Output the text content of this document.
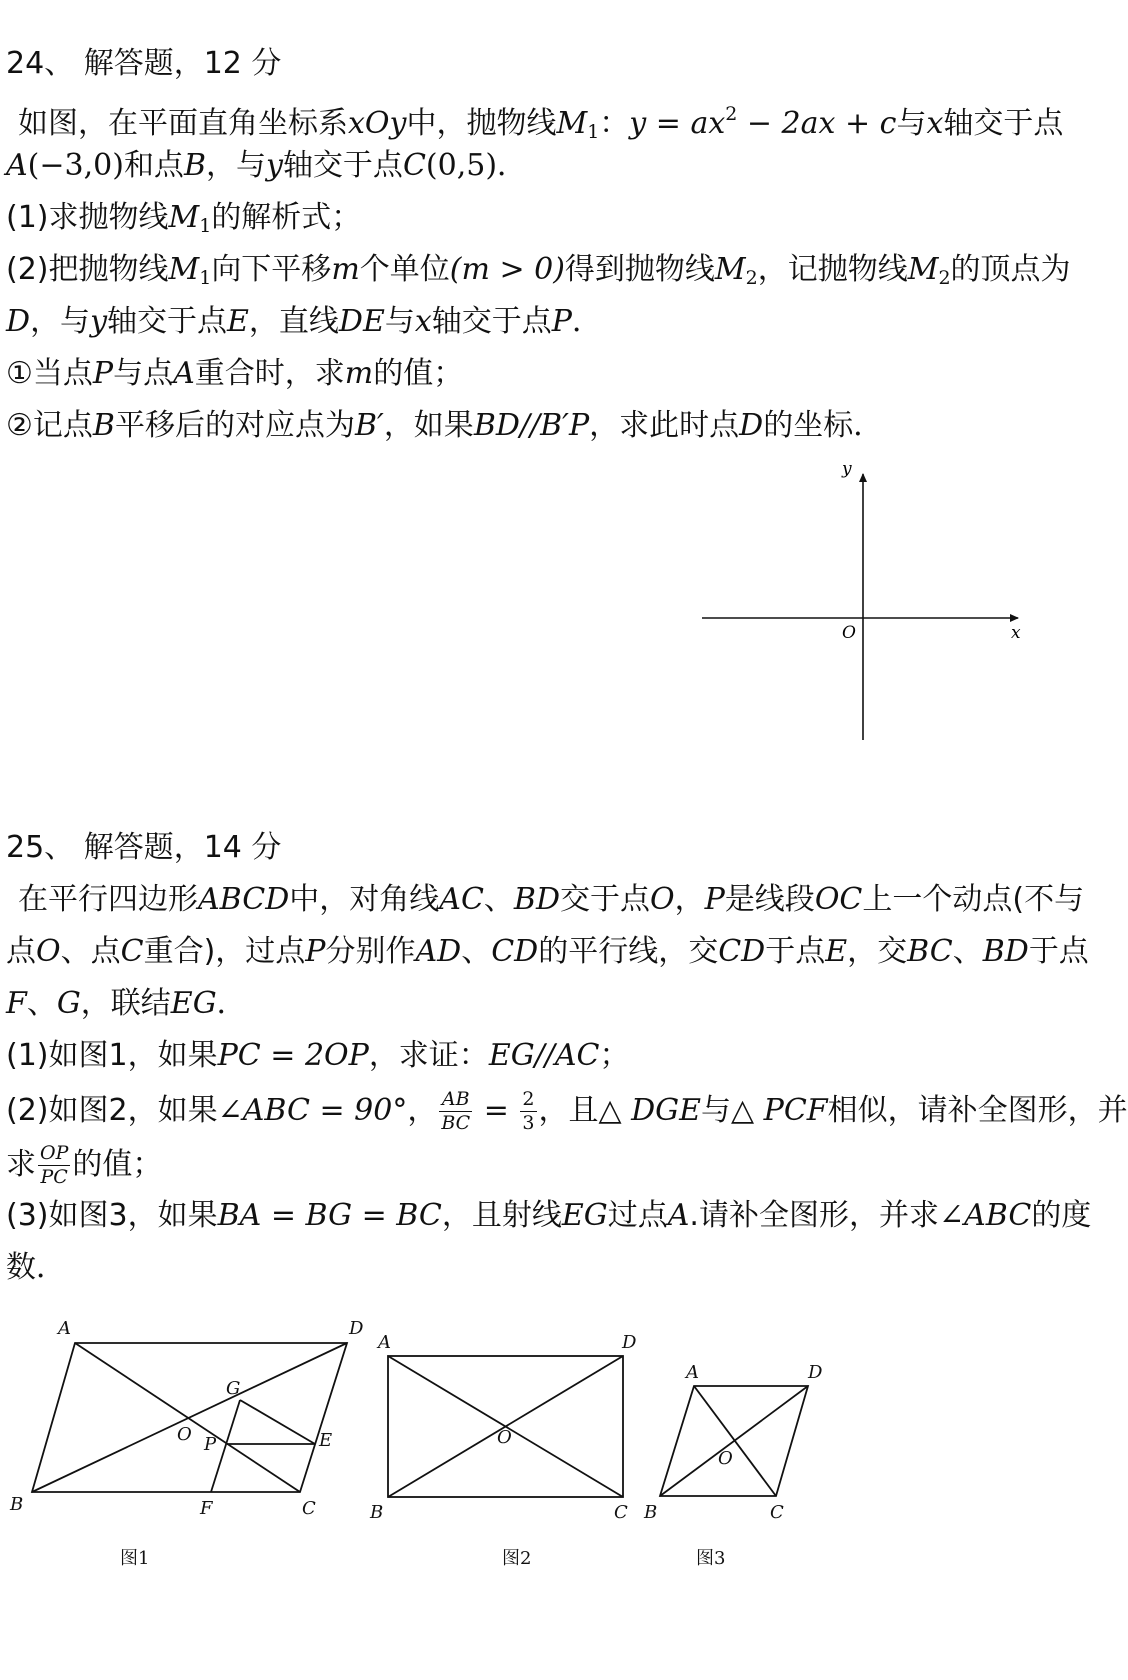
24、 解答题，12 分
如图，在平面直角坐标系xOy中，抛物线$M_1$：$y = ax^2 - 2ax + c$与x轴交于点
A(−3,0)和点B，与y轴交于点C(0,5)．
(1)求抛物线$M_1$的解析式；
(2)把抛物线$M_1$向下平移m个单位(m > 0)得到抛物线$M_2$，记抛物线$M_2$的顶点为
D，与y轴交于点E，直线DE与x轴交于点P．
①当点P与点A重合时，求m的值；
②记点B平移后的对应点为B′，如果BD//B′P，求此时点D的坐标．
y
x
O
25、 解答题，14 分
在平行四边形ABCD中，对角线AC、BD交于点O，P是线段OC上一个动点(不与
点O、点C重合)，过点P分别作AD、CD的平行线，交CD于点E，交BC、BD于点
F、G，联结EG．
(1)如图1，如果PC = 2OP，求证：EG//AC；
(2)如图2，如果∠ABC = 90°， $\frac{AB}{BC} = \frac{2}{3}$ ，且△ DGE与△ PCF相似，请补全图形，并
求 $\frac{OP}{PC}$ 的值；
(3)如图3，如果BA = BG = BC，且射线EG过点A.请补全图形，并求∠ABC的度
数．
A	D
G
O P	E
B	F	C
图1
A	D
O
B	C
图2
A	D
O
B	C
图3
